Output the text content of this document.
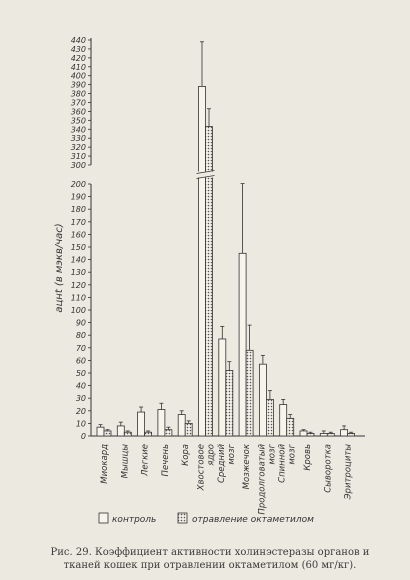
0
10
20
30
40
50
60
70
80
90
100
110
120
130
140
150
160
170
180
190
200
300
310
320
330
340
350
360
370
380
390
400
410
420
430
440
ацнt (в мэкв/час)
Миокард Мышцы Легкие Печень Кора Хвостовое ядро Средний мозг Мозжечок Продолговатый мозг Спинной мозг Кровь Сыворотка Эритроциты
контроль	отравление октаметилом
Рис. 29. Коэффициент активности холинэстеразы органов и
тканей кошек при отравлении октаметилом (60 мг/кг).
